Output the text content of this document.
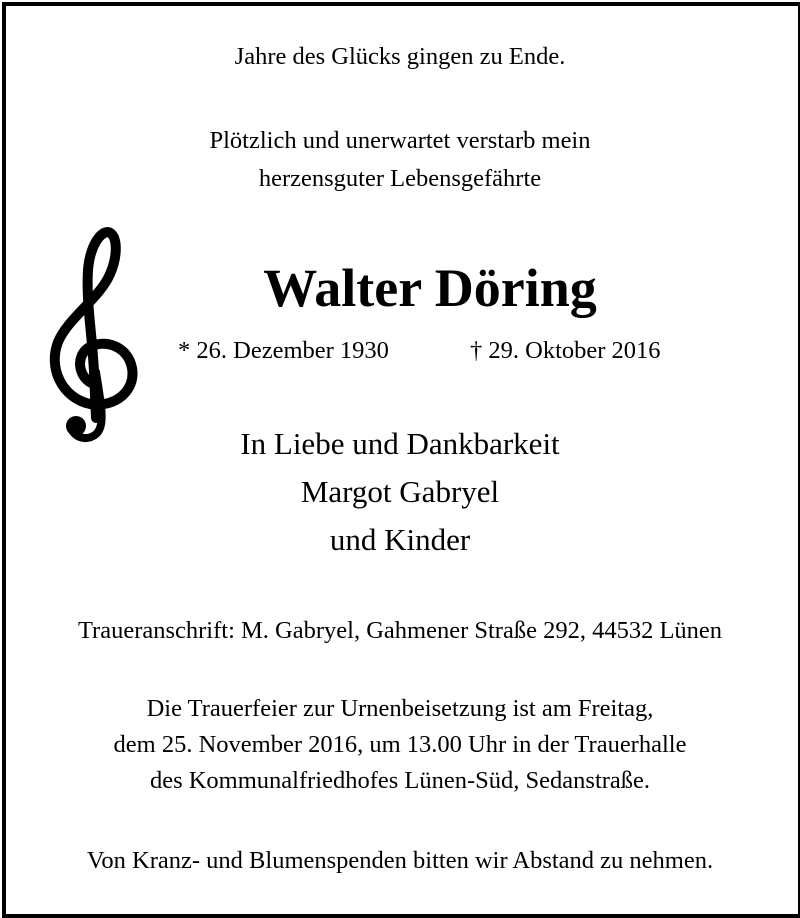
Jahre des Glücks gingen zu Ende.
Plötzlich und unerwartet verstarb mein
herzensguter Lebensgefährte
Walter Döring
* 26. Dezember 1930	† 29. Oktober 2016
In Liebe und Dankbarkeit
Margot Gabryel
und Kinder
Traueranschrift: M. Gabryel, Gahmener Straße 292, 44532 Lünen
Die Trauerfeier zur Urnenbeisetzung ist am Freitag,
dem 25. November 2016, um 13.00 Uhr in der Trauerhalle
des Kommunalfriedhofes Lünen-Süd, Sedanstraße.
Von Kranz- und Blumenspenden bitten wir Abstand zu nehmen.
